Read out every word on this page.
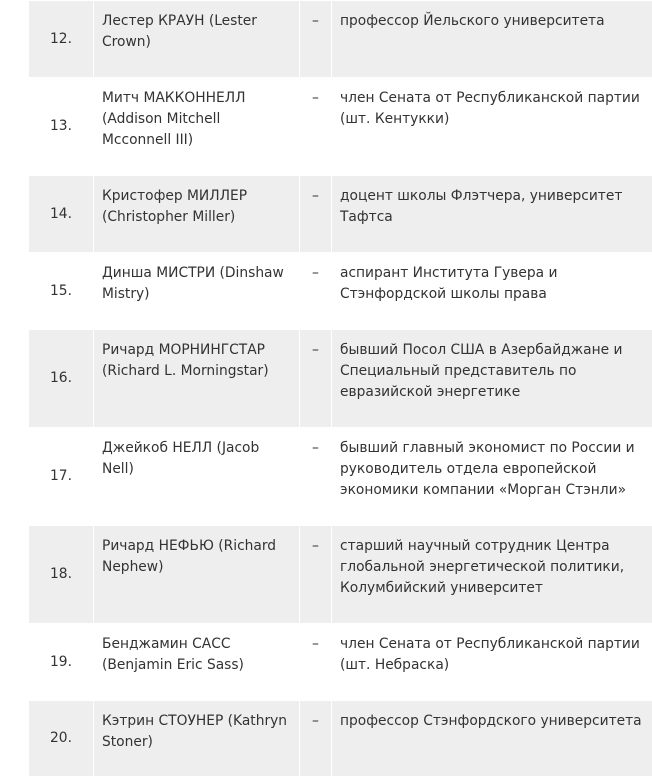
12.	Лестер КРАУН (Lester Crown)	–	профессор Йельского университета
13.	Митч МАККОННЕЛЛ (Addison Mitchell Mcconnell III)	–	член Сената от Республиканской партии (шт. Кентукки)
14.	Кристофер МИЛЛЕР (Christopher Miller)	–	доцент школы Флэтчера, университет Тафтса
15.	Динша МИСТРИ (Dinshaw Mistry)	–	аспирант Института Гувера и Стэнфордской школы права
16.	Ричард МОРНИНГСТАР (Richard L. Morningstar)	–	бывший Посол США в Азербайджане и Специальный представитель по евразийской энергетике
17.	Джейкоб НЕЛЛ (Jacob Nell)	–	бывший главный экономист по России и руководитель отдела европейской экономики компании «Морган Стэнли»
18.	Ричард НЕФЬЮ (Richard Nephew)	–	старший научный сотрудник Центра глобальной энергетической политики, Колумбийский университет
19.	Бенджамин САСС (Benjamin Eric Sass)	–	член Сената от Республиканской партии (шт. Небраска)
20.	Кэтрин СТОУНЕР (Kathryn Stoner)	–	профессор Стэнфордского университета
